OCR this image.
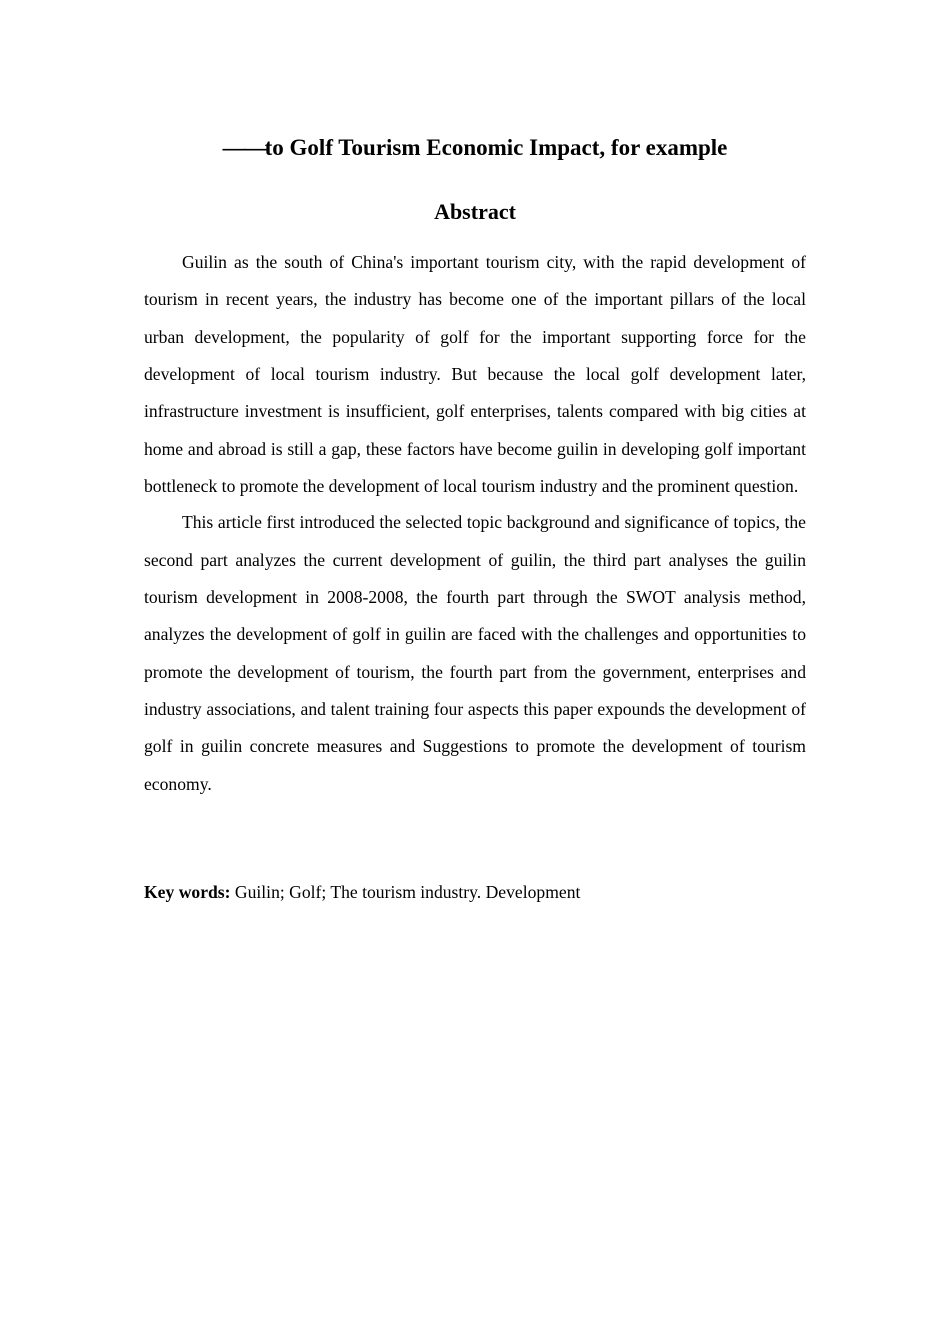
——to Golf Tourism Economic Impact, for example
Abstract

Guilin as the south of China's important tourism city, with the rapid development of tourism in recent years, the industry has become one of the important pillars of the local urban development, the popularity of golf for the important supporting force for the development of local tourism industry. But because the local golf development later, infrastructure investment is insufficient, golf enterprises, talents compared with big cities at home and abroad is still a gap, these factors have become guilin in developing golf important bottleneck to promote the development of local tourism industry and the prominent question.

This article first introduced the selected topic background and significance of topics, the second part analyzes the current development of guilin, the third part analyses the guilin tourism development in 2008-2008, the fourth part through the SWOT analysis method, analyzes the development of golf in guilin are faced with the challenges and opportunities to promote the development of tourism, the fourth part from the government, enterprises and industry associations, and talent training four aspects this paper expounds the development of golf in guilin concrete measures and Suggestions to promote the development of tourism economy.

Key words: Guilin; Golf; The tourism industry. Development
